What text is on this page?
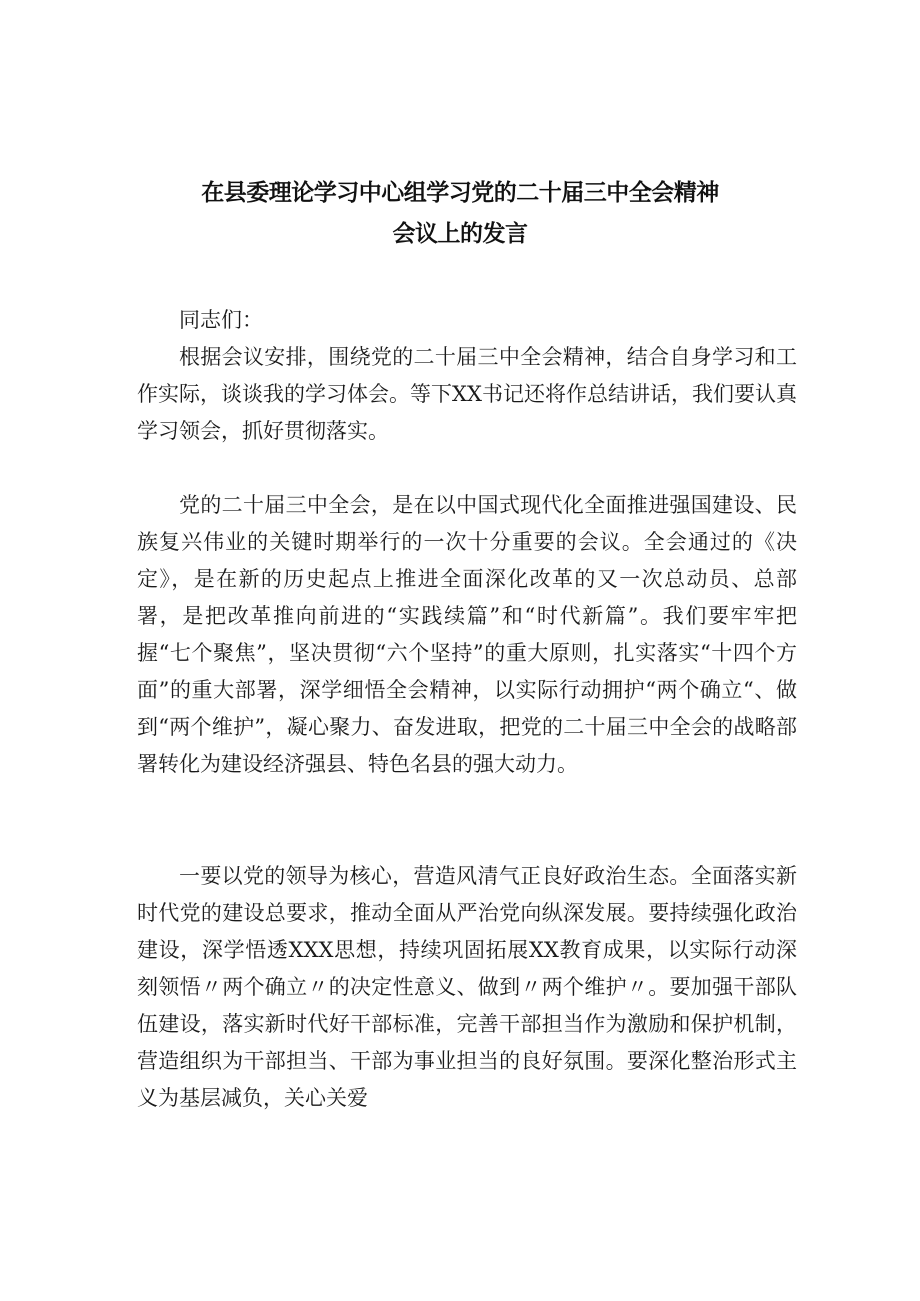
在县委理论学习中心组学习党的二十届三中全会精神
会议上的发言

同志们：

根据会议安排，围绕党的二十届三中全会精神，结合自身学习和工作实际，谈谈我的学习体会。等下XX书记还将作总结讲话，我们要认真学习领会，抓好贯彻落实。

党的二十届三中全会，是在以中国式现代化全面推进强国建设、民族复兴伟业的关键时期举行的一次十分重要的会议。全会通过的《决定》，是在新的历史起点上推进全面深化改革的又一次总动员、总部署，是把改革推向前进的“实践续篇”和“时代新篇”。我们要牢牢把握“七个聚焦”，坚决贯彻“六个坚持”的重大原则，扎实落实“十四个方面”的重大部署，深学细悟全会精神，以实际行动拥护“两个确立“、做到“两个维护”，凝心聚力、奋发进取，把党的二十届三中全会的战略部署转化为建设经济强县、特色名县的强大动力。

一要以党的领导为核心，营造风清气正良好政治生态。全面落实新时代党的建设总要求，推动全面从严治党向纵深发展。要持续强化政治建设，深学悟透XXX思想，持续巩固拓展XX教育成果，以实际行动深刻领悟〃两个确立〃的决定性意义、做到〃两个维护〃。要加强干部队伍建设，落实新时代好干部标准，完善干部担当作为激励和保护机制，营造组织为干部担当、干部为事业担当的良好氛围。要深化整治形式主义为基层减负，关心关爱
